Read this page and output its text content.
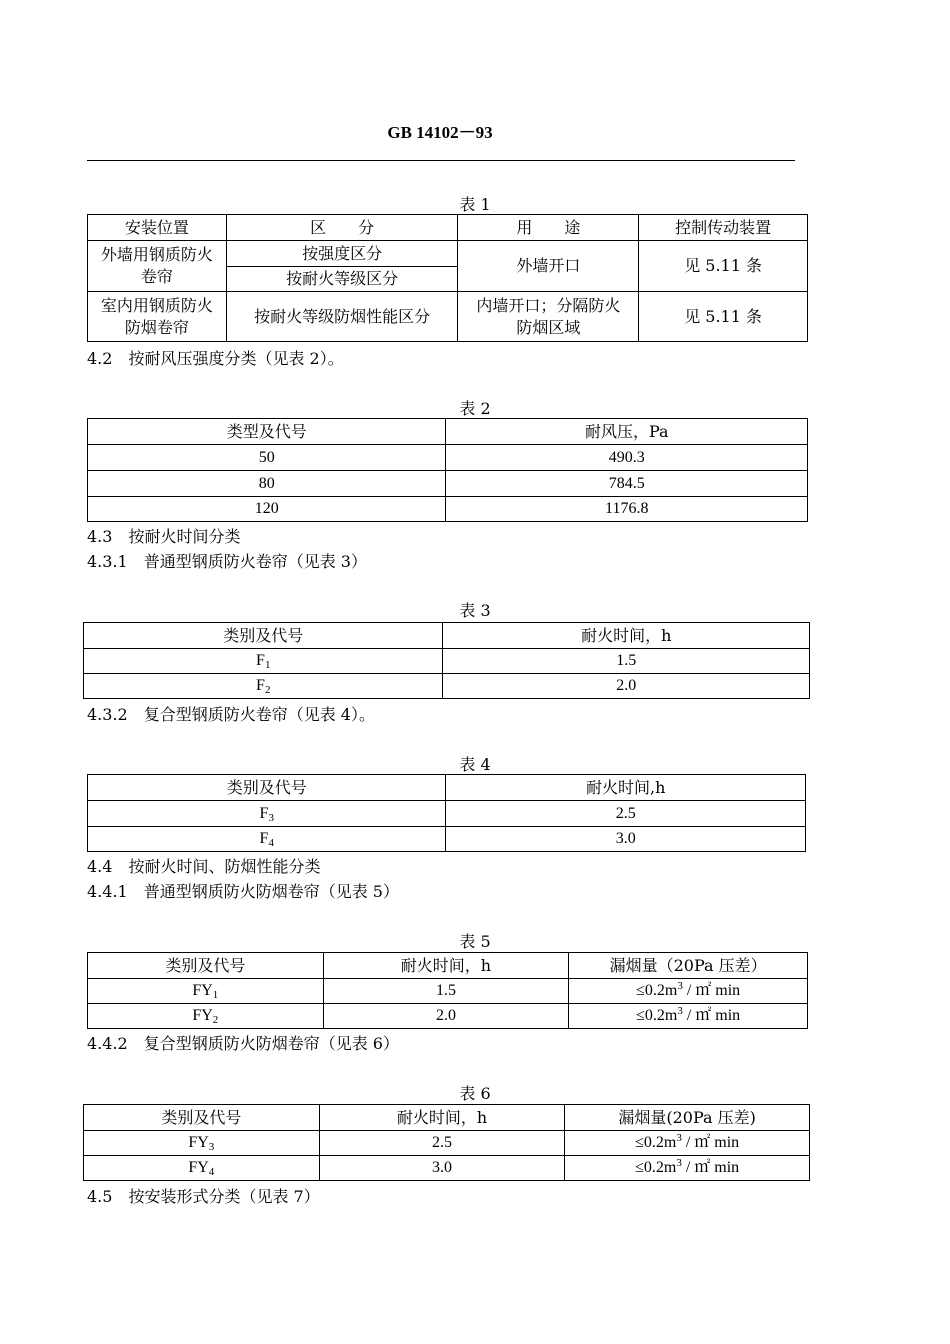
GB 14102－93
表 1
安装位置	区　　分	用　　途	控制传动装置
外墙用钢质防火卷帘	按强度区分	外墙开口	见 5.11 条
	按耐火等级区分		
室内用钢质防火防烟卷帘	按耐火等级防烟性能区分	内墙开口；分隔防火防烟区域	见 5.11 条
4.2　按耐风压强度分类（见表 2）。
表 2
类型及代号	耐风压，Pa
50	490.3
80	784.5
120	1176.8
4.3　按耐火时间分类
4.3.1　普通型钢质防火卷帘（见表 3）
表 3
类别及代号	耐火时间，h
$F_1$	1.5
$F_2$	2.0
4.3.2　复合型钢质防火卷帘（见表 4）。
表 4
类别及代号	耐火时间,h
$F_3$	2.5
$F_4$	3.0
4.4　按耐火时间、防烟性能分类
4.4.1　普通型钢质防火防烟卷帘（见表 5）
表 5
类别及代号	耐火时间，h	漏烟量（20Pa 压差）
$FY_1$	1.5	$\le 0.2m^3$ / ㎡ min
$FY_2$	2.0	$\le 0.2m^3$ / ㎡ min
4.4.2　复合型钢质防火防烟卷帘（见表 6）
表 6
类别及代号	耐火时间，h	漏烟量(20Pa 压差)
$FY_3$	2.5	$\le 0.2m^3$ / ㎡ min
$FY_4$	3.0	$\le 0.2m^3$ / ㎡ min
4.5　按安装形式分类（见表 7）
